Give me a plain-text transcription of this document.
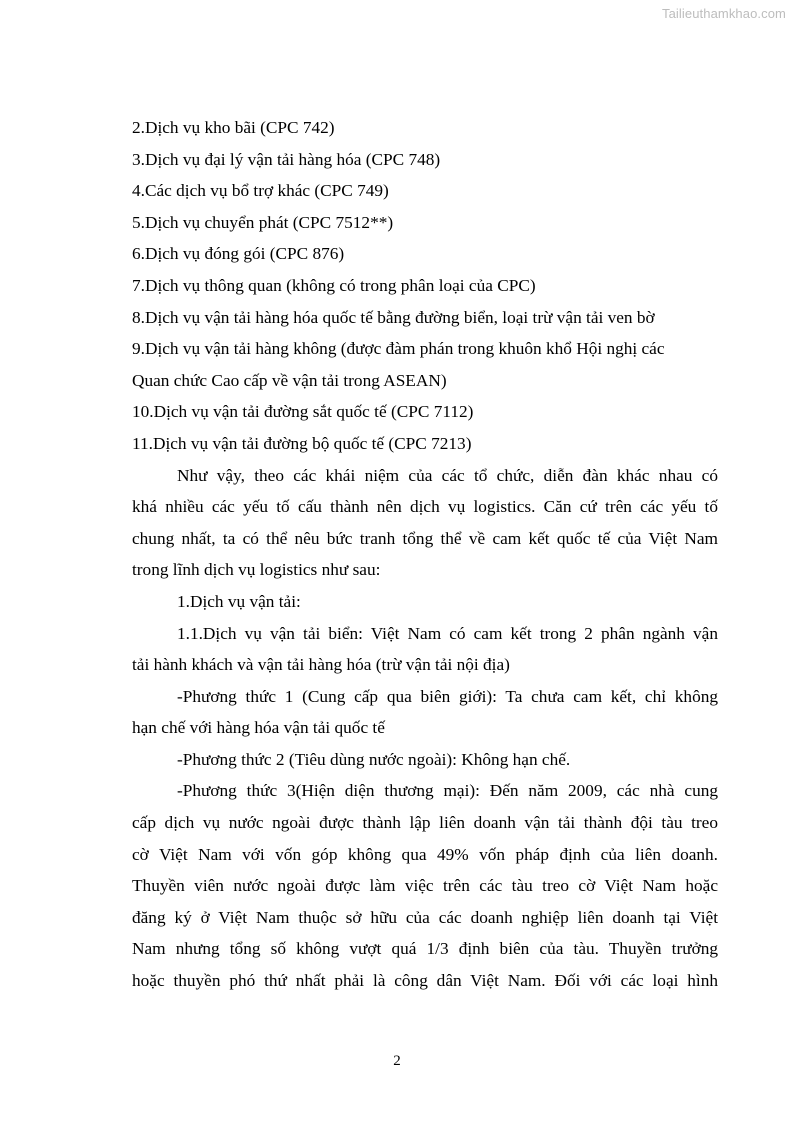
Tailieuthamkhao.com
2.Dịch vụ kho bãi (CPC 742)
3.Dịch vụ đại lý vận tải hàng hóa (CPC 748)
4.Các dịch vụ bổ trợ khác (CPC 749)
5.Dịch vụ chuyển phát (CPC 7512**)
6.Dịch vụ đóng gói (CPC 876)
7.Dịch vụ thông quan (không có trong phân loại của CPC)
8.Dịch vụ vận tải hàng hóa quốc tế bằng đường biển, loại trừ vận tải ven bờ
9.Dịch vụ vận tải hàng không (được đàm phán trong khuôn khổ Hội nghị các
Quan chức Cao cấp về vận tải trong ASEAN)
10.Dịch vụ vận tải đường sắt quốc tế (CPC 7112)
11.Dịch vụ vận tải đường bộ quốc tế (CPC 7213)
Như vậy, theo các khái niệm của các tổ chức, diễn đàn khác nhau có
khá nhiều các yếu tố cấu thành nên dịch vụ logistics. Căn cứ trên các yếu tố
chung nhất, ta có thể nêu bức tranh tổng thể về cam kết quốc tế của Việt Nam
trong lĩnh dịch vụ logistics như sau:
1.Dịch vụ vận tải:
1.1.Dịch vụ vận tải biển: Việt Nam có cam kết trong 2 phân ngành vận
tải hành khách và vận tải hàng hóa (trừ vận tải nội địa)
-Phương thức 1 (Cung cấp qua biên giới): Ta chưa cam kết, chỉ không
hạn chế với hàng hóa vận tải quốc tế
-Phương thức 2 (Tiêu dùng nước ngoài): Không hạn chế.
-Phương thức 3(Hiện diện thương mại): Đến năm 2009, các nhà cung
cấp dịch vụ nước ngoài được thành lập liên doanh vận tải thành đội tàu treo
cờ Việt Nam với vốn góp không qua 49% vốn pháp định của liên doanh.
Thuyền viên nước ngoài được làm việc trên các tàu treo cờ Việt Nam hoặc
đăng ký ở Việt Nam thuộc sở hữu của các doanh nghiệp liên doanh tại Việt
Nam nhưng tổng số không vượt quá 1/3 định biên của tàu. Thuyền trưởng
hoặc thuyền phó thứ nhất phải là công dân Việt Nam. Đối với các loại hình
2
